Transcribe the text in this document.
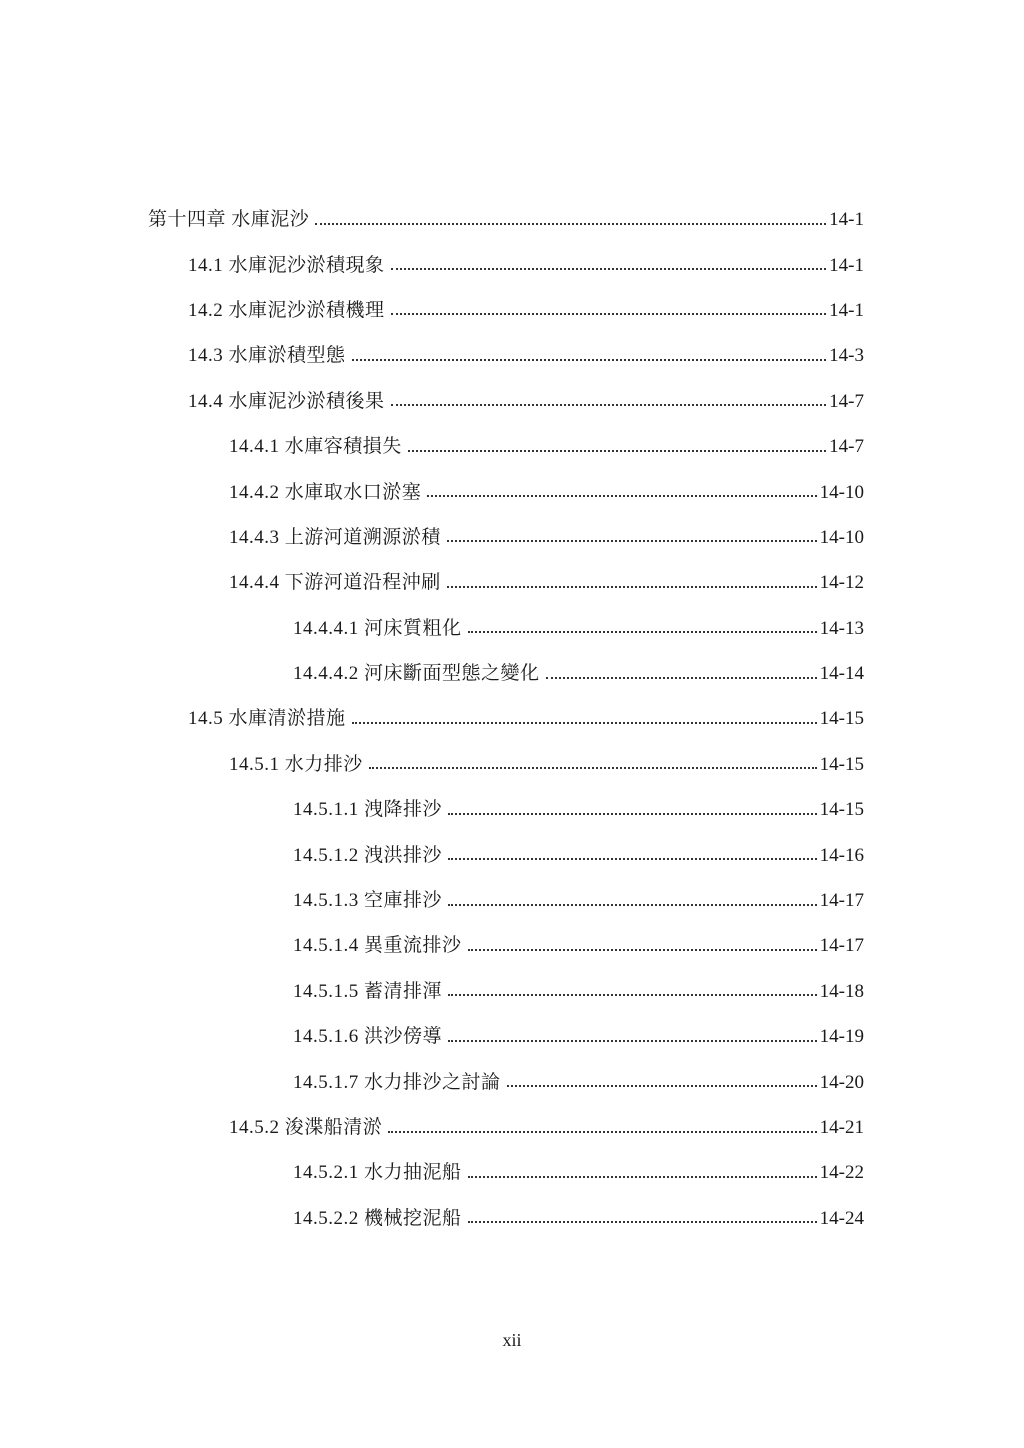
第十四章 水庫泥沙	14-1
14.1 水庫泥沙淤積現象	14-1
14.2 水庫泥沙淤積機理	14-1
14.3 水庫淤積型態	14-3
14.4 水庫泥沙淤積後果	14-7
14.4.1 水庫容積損失	14-7
14.4.2 水庫取水口淤塞	14-10
14.4.3 上游河道溯源淤積	14-10
14.4.4 下游河道沿程沖刷	14-12
14.4.4.1 河床質粗化	14-13
14.4.4.2 河床斷面型態之變化	14-14
14.5 水庫清淤措施	14-15
14.5.1 水力排沙	14-15
14.5.1.1 洩降排沙	14-15
14.5.1.2 洩洪排沙	14-16
14.5.1.3 空庫排沙	14-17
14.5.1.4 異重流排沙	14-17
14.5.1.5 蓄清排渾	14-18
14.5.1.6 洪沙傍導	14-19
14.5.1.7 水力排沙之討論	14-20
14.5.2 浚渫船清淤	14-21
14.5.2.1 水力抽泥船	14-22
14.5.2.2 機械挖泥船	14-24
xii
